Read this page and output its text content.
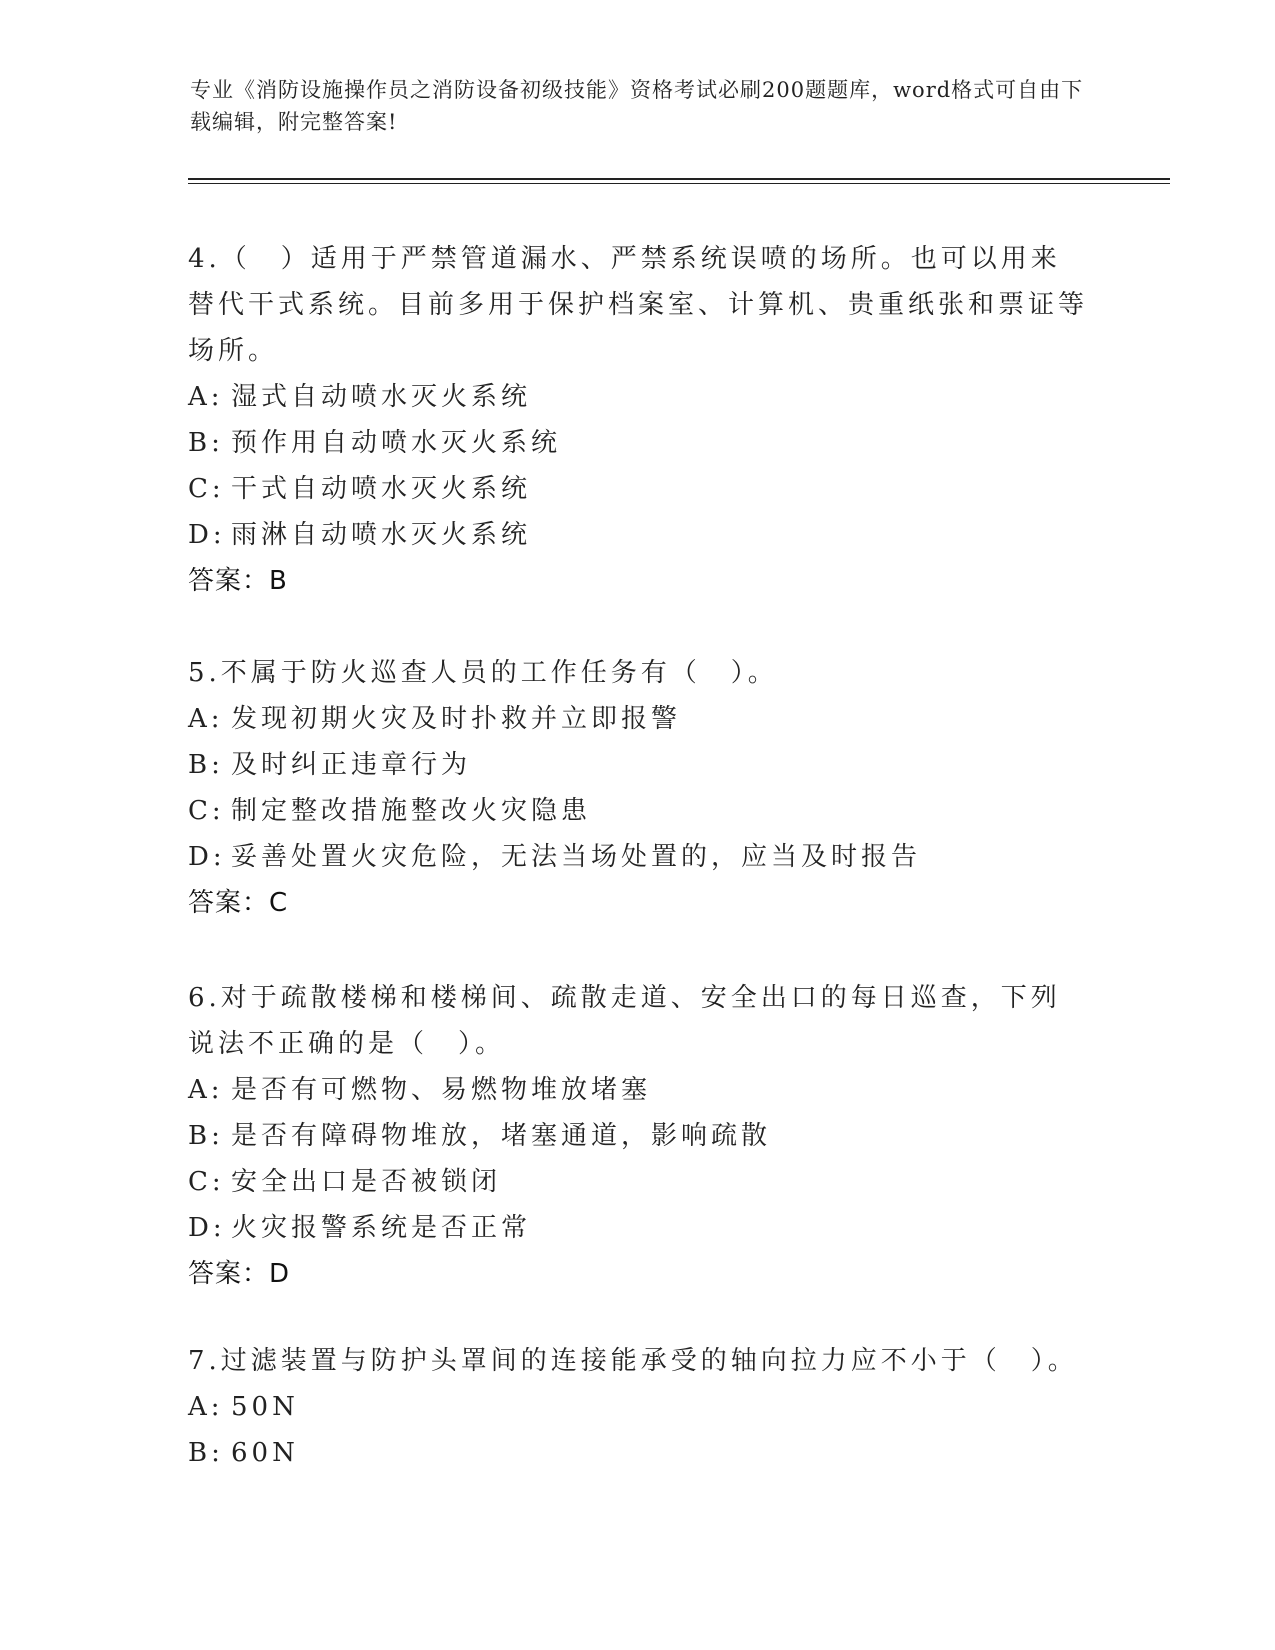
专业《消防设施操作员之消防设备初级技能》资格考试必刷200题题库，word格式可自由下载编辑，附完整答案!

4.（　）适用于严禁管道漏水、严禁系统误喷的场所。也可以用来替代干式系统。目前多用于保护档案室、计算机、贵重纸张和票证等场所。

A: 湿式自动喷水灭火系统

B: 预作用自动喷水灭火系统

C: 干式自动喷水灭火系统

D: 雨淋自动喷水灭火系统

答案：B

5.不属于防火巡查人员的工作任务有（　）。

A: 发现初期火灾及时扑救并立即报警

B: 及时纠正违章行为

C: 制定整改措施整改火灾隐患

D: 妥善处置火灾危险，无法当场处置的，应当及时报告

答案：C

6.对于疏散楼梯和楼梯间、疏散走道、安全出口的每日巡查，下列说法不正确的是（　）。

A: 是否有可燃物、易燃物堆放堵塞

B: 是否有障碍物堆放，堵塞通道，影响疏散

C: 安全出口是否被锁闭

D: 火灾报警系统是否正常

答案：D

7.过滤装置与防护头罩间的连接能承受的轴向拉力应不小于（　）。

A: 50N

B: 60N
